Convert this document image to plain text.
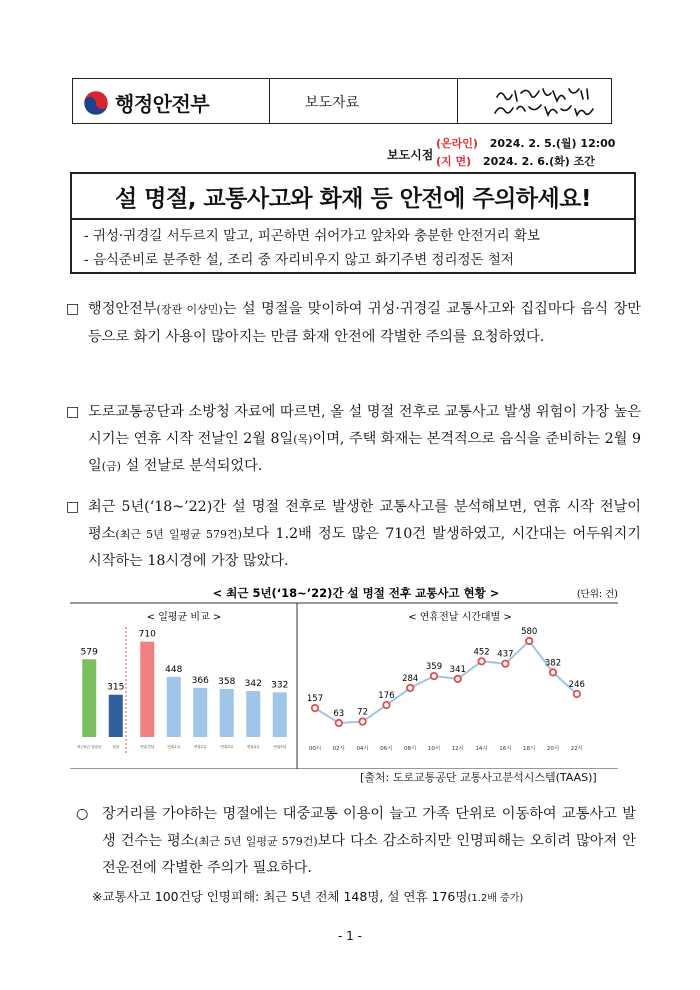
행정안전부	보도자료
보도시점
(온라인) 2024. 2. 5.(월) 12:00
(지 면) 2024. 2. 6.(화) 조간
설 명절, 교통사고와 화재 등 안전에 주의하세요!
- 귀성·귀경길 서두르지 말고, 피곤하면 쉬어가고 앞차와 충분한 안전거리 확보
- 음식준비로 분주한 설, 조리 중 자리비우지 않고 화기주변 정리정돈 철저
□ 행정안전부(장관 이상민)는 설 명절을 맞이하여 귀성·귀경길 교통사고와 집집마다 음식 장만 등으로 화기 사용이 많아지는 만큼 화재 안전에 각별한 주의를 요청하였다.
□ 도로교통공단과 소방청 자료에 따르면, 올 설 명절 전후로 교통사고 발생 위험이 가장 높은 시기는 연휴 시작 전날인 2월 8일(목)이며, 주택 화재는 본격적으로 음식을 준비하는 2월 9일(금) 설 전날로 분석되었다.
□ 최근 5년(‘18~’22)간 설 명절 전후로 발생한 교통사고를 분석해보면, 연휴 시작 전날이 평소(최근 5년 일평균 579건)보다 1.2배 정도 많은 710건 발생하였고, 시간대는 어두워지기 시작하는 18시경에 가장 많았다.
< 최근 5년(‘18~’22)간 설 명절 전후 교통사고 현황 >	(단위: 건)
< 일평균 비교 >	< 연휴전날 시간대별 >
579
최근5년 일평균
315
설날
710
연휴전날
448
연휴1일
366
연휴2일
358
연휴3일
342
연휴4일
332
연휴5일
157
00시
63
02시
72
04시
176
06시
284
08시
359
10시
341
12시
452
14시
437
16시
580
18시
382
20시
246
22시
[출처: 도로교통공단 교통사고분석시스템(TAAS)]
○ 장거리를 가야하는 명절에는 대중교통 이용이 늘고 가족 단위로 이동하여 교통사고 발생 건수는 평소(최근 5년 일평균 579건)보다 다소 감소하지만 인명피해는 오히려 많아져 안전운전에 각별한 주의가 필요하다.
※교통사고 100건당 인명피해: 최근 5년 전체 148명, 설 연휴 176명(1.2배 증가)
- 1 -
